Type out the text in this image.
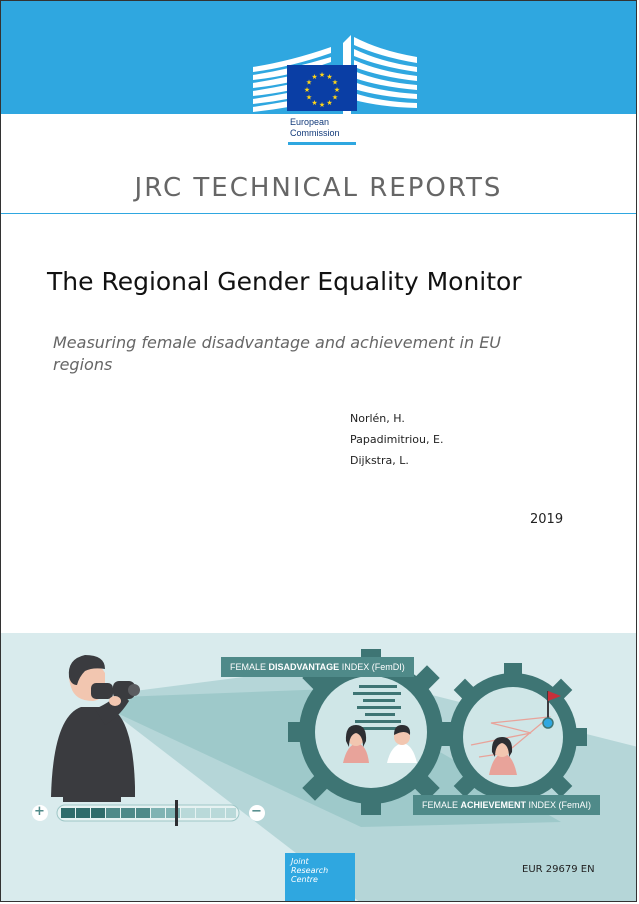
★ ★
★
★
★
★
★
★
★
★
★
★
European
Commission
JRC TECHNICAL REPORTS
The Regional Gender Equality Monitor
Measuring female disadvantage and achievement in EU regions
Norlén, H.
Papadimitriou, E.
Dijkstra, L.
2019
+	−
FEMALE DISADVANTAGE INDEX (FemDI)
FEMALE ACHIEVEMENT INDEX (FemAI)
Joint
Research
Centre
EUR 29679 EN
